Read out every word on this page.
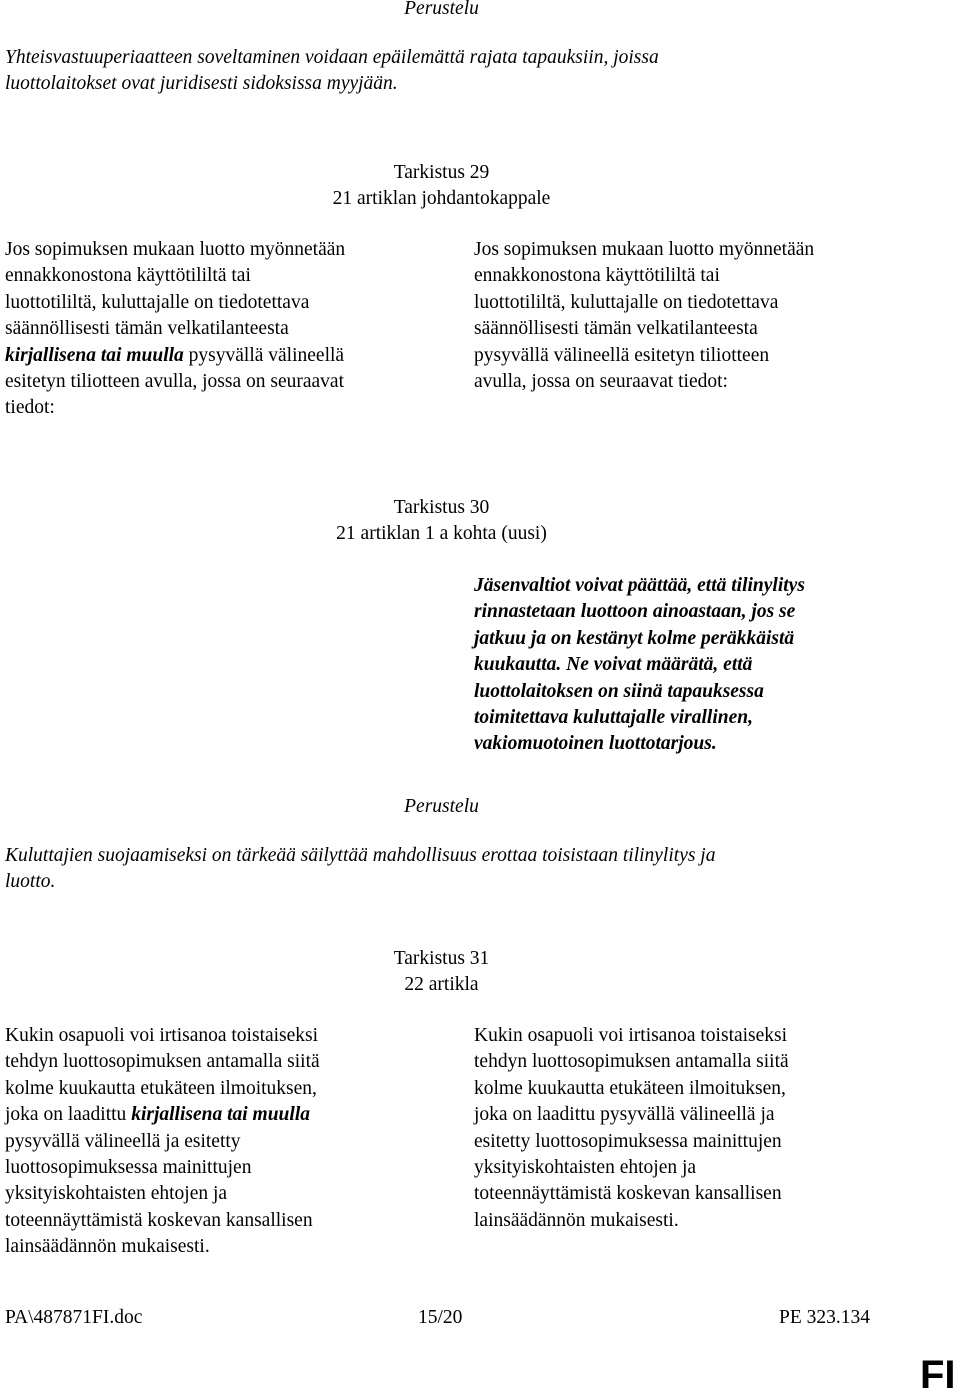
Perustelu
Yhteisvastuuperiaatteen soveltaminen voidaan epäilemättä rajata tapauksiin, joissa
luottolaitokset ovat juridisesti sidoksissa myyjään.
Tarkistus 29
21 artiklan johdantokappale
Jos sopimuksen mukaan luotto myönnetään
ennakkonostona käyttötililtä tai
luottotililtä, kuluttajalle on tiedotettava
säännöllisesti tämän velkatilanteesta
kirjallisena tai muulla pysyvällä välineellä
esitetyn tiliotteen avulla, jossa on seuraavat
tiedot:
Jos sopimuksen mukaan luotto myönnetään
ennakkonostona käyttötililtä tai
luottotililtä, kuluttajalle on tiedotettava
säännöllisesti tämän velkatilanteesta
pysyvällä välineellä esitetyn tiliotteen
avulla, jossa on seuraavat tiedot:
Tarkistus 30
21 artiklan 1 a kohta (uusi)
Jäsenvaltiot voivat päättää, että tilinylitys
rinnastetaan luottoon ainoastaan, jos se
jatkuu ja on kestänyt kolme peräkkäistä
kuukautta. Ne voivat määrätä, että
luottolaitoksen on siinä tapauksessa
toimitettava kuluttajalle virallinen,
vakiomuotoinen luottotarjous.
Perustelu
Kuluttajien suojaamiseksi on tärkeää säilyttää mahdollisuus erottaa toisistaan tilinylitys ja
luotto.
Tarkistus 31
22 artikla
Kukin osapuoli voi irtisanoa toistaiseksi
tehdyn luottosopimuksen antamalla siitä
kolme kuukautta etukäteen ilmoituksen,
joka on laadittu kirjallisena tai muulla
pysyvällä välineellä ja esitetty
luottosopimuksessa mainittujen
yksityiskohtaisten ehtojen ja
toteennäyttämistä koskevan kansallisen
lainsäädännön mukaisesti.
Kukin osapuoli voi irtisanoa toistaiseksi
tehdyn luottosopimuksen antamalla siitä
kolme kuukautta etukäteen ilmoituksen,
joka on laadittu pysyvällä välineellä ja
esitetty luottosopimuksessa mainittujen
yksityiskohtaisten ehtojen ja
toteennäyttämistä koskevan kansallisen
lainsäädännön mukaisesti.
PA\487871FI.doc	15/20	PE 323.134
FI
